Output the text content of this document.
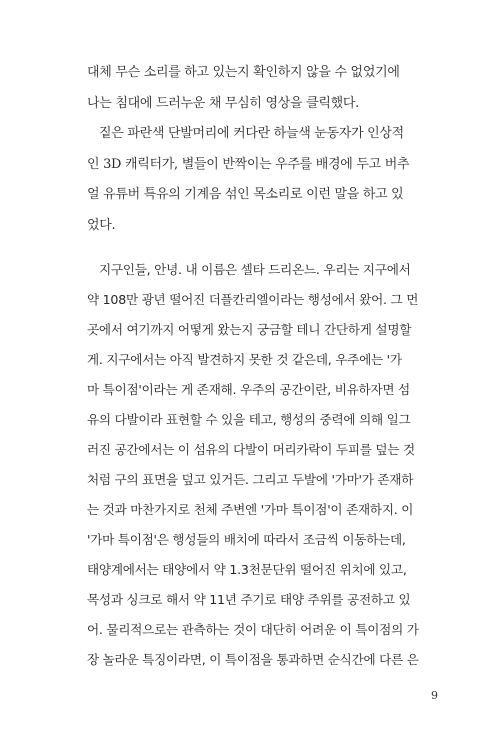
대체 무슨 소리를 하고 있는지 확인하지 않을 수 없었기에
나는 침대에 드러누운 채 무심히 영상을 클릭했다.

짙은 파란색 단발머리에 커다란 하늘색 눈동자가 인상적
인 3D 캐릭터가, 별들이 반짝이는 우주를 배경에 두고 버추
얼 유튜버 특유의 기계음 섞인 목소리로 이런 말을 하고 있
었다.

지구인들, 안녕. 내 이름은 셀타 드리온느. 우리는 지구에서
약 108만 광년 떨어진 더플칸리엘이라는 행성에서 왔어. 그 먼
곳에서 여기까지 어떻게 왔는지 궁금할 테니 간단하게 설명할
게. 지구에서는 아직 발견하지 못한 것 같은데, 우주에는 '가
마 특이점'이라는 게 존재해. 우주의 공간이란, 비유하자면 섬
유의 다발이라 표현할 수 있을 테고, 행성의 중력에 의해 일그
러진 공간에서는 이 섬유의 다발이 머리카락이 두피를 덮는 것
처럼 구의 표면을 덮고 있거든. 그리고 두발에 '가마'가 존재하
는 것과 마찬가지로 천체 주변엔 '가마 특이점'이 존재하지. 이
'가마 특이점'은 행성들의 배치에 따라서 조금씩 이동하는데,
태양계에서는 태양에서 약 1.3천문단위 떨어진 위치에 있고,
목성과 싱크로 해서 약 11년 주기로 태양 주위를 공전하고 있
어. 물리적으로는 관측하는 것이 대단히 어려운 이 특이점의 가
장 놀라운 특징이라면, 이 특이점을 통과하면 순식간에 다른 은

9
